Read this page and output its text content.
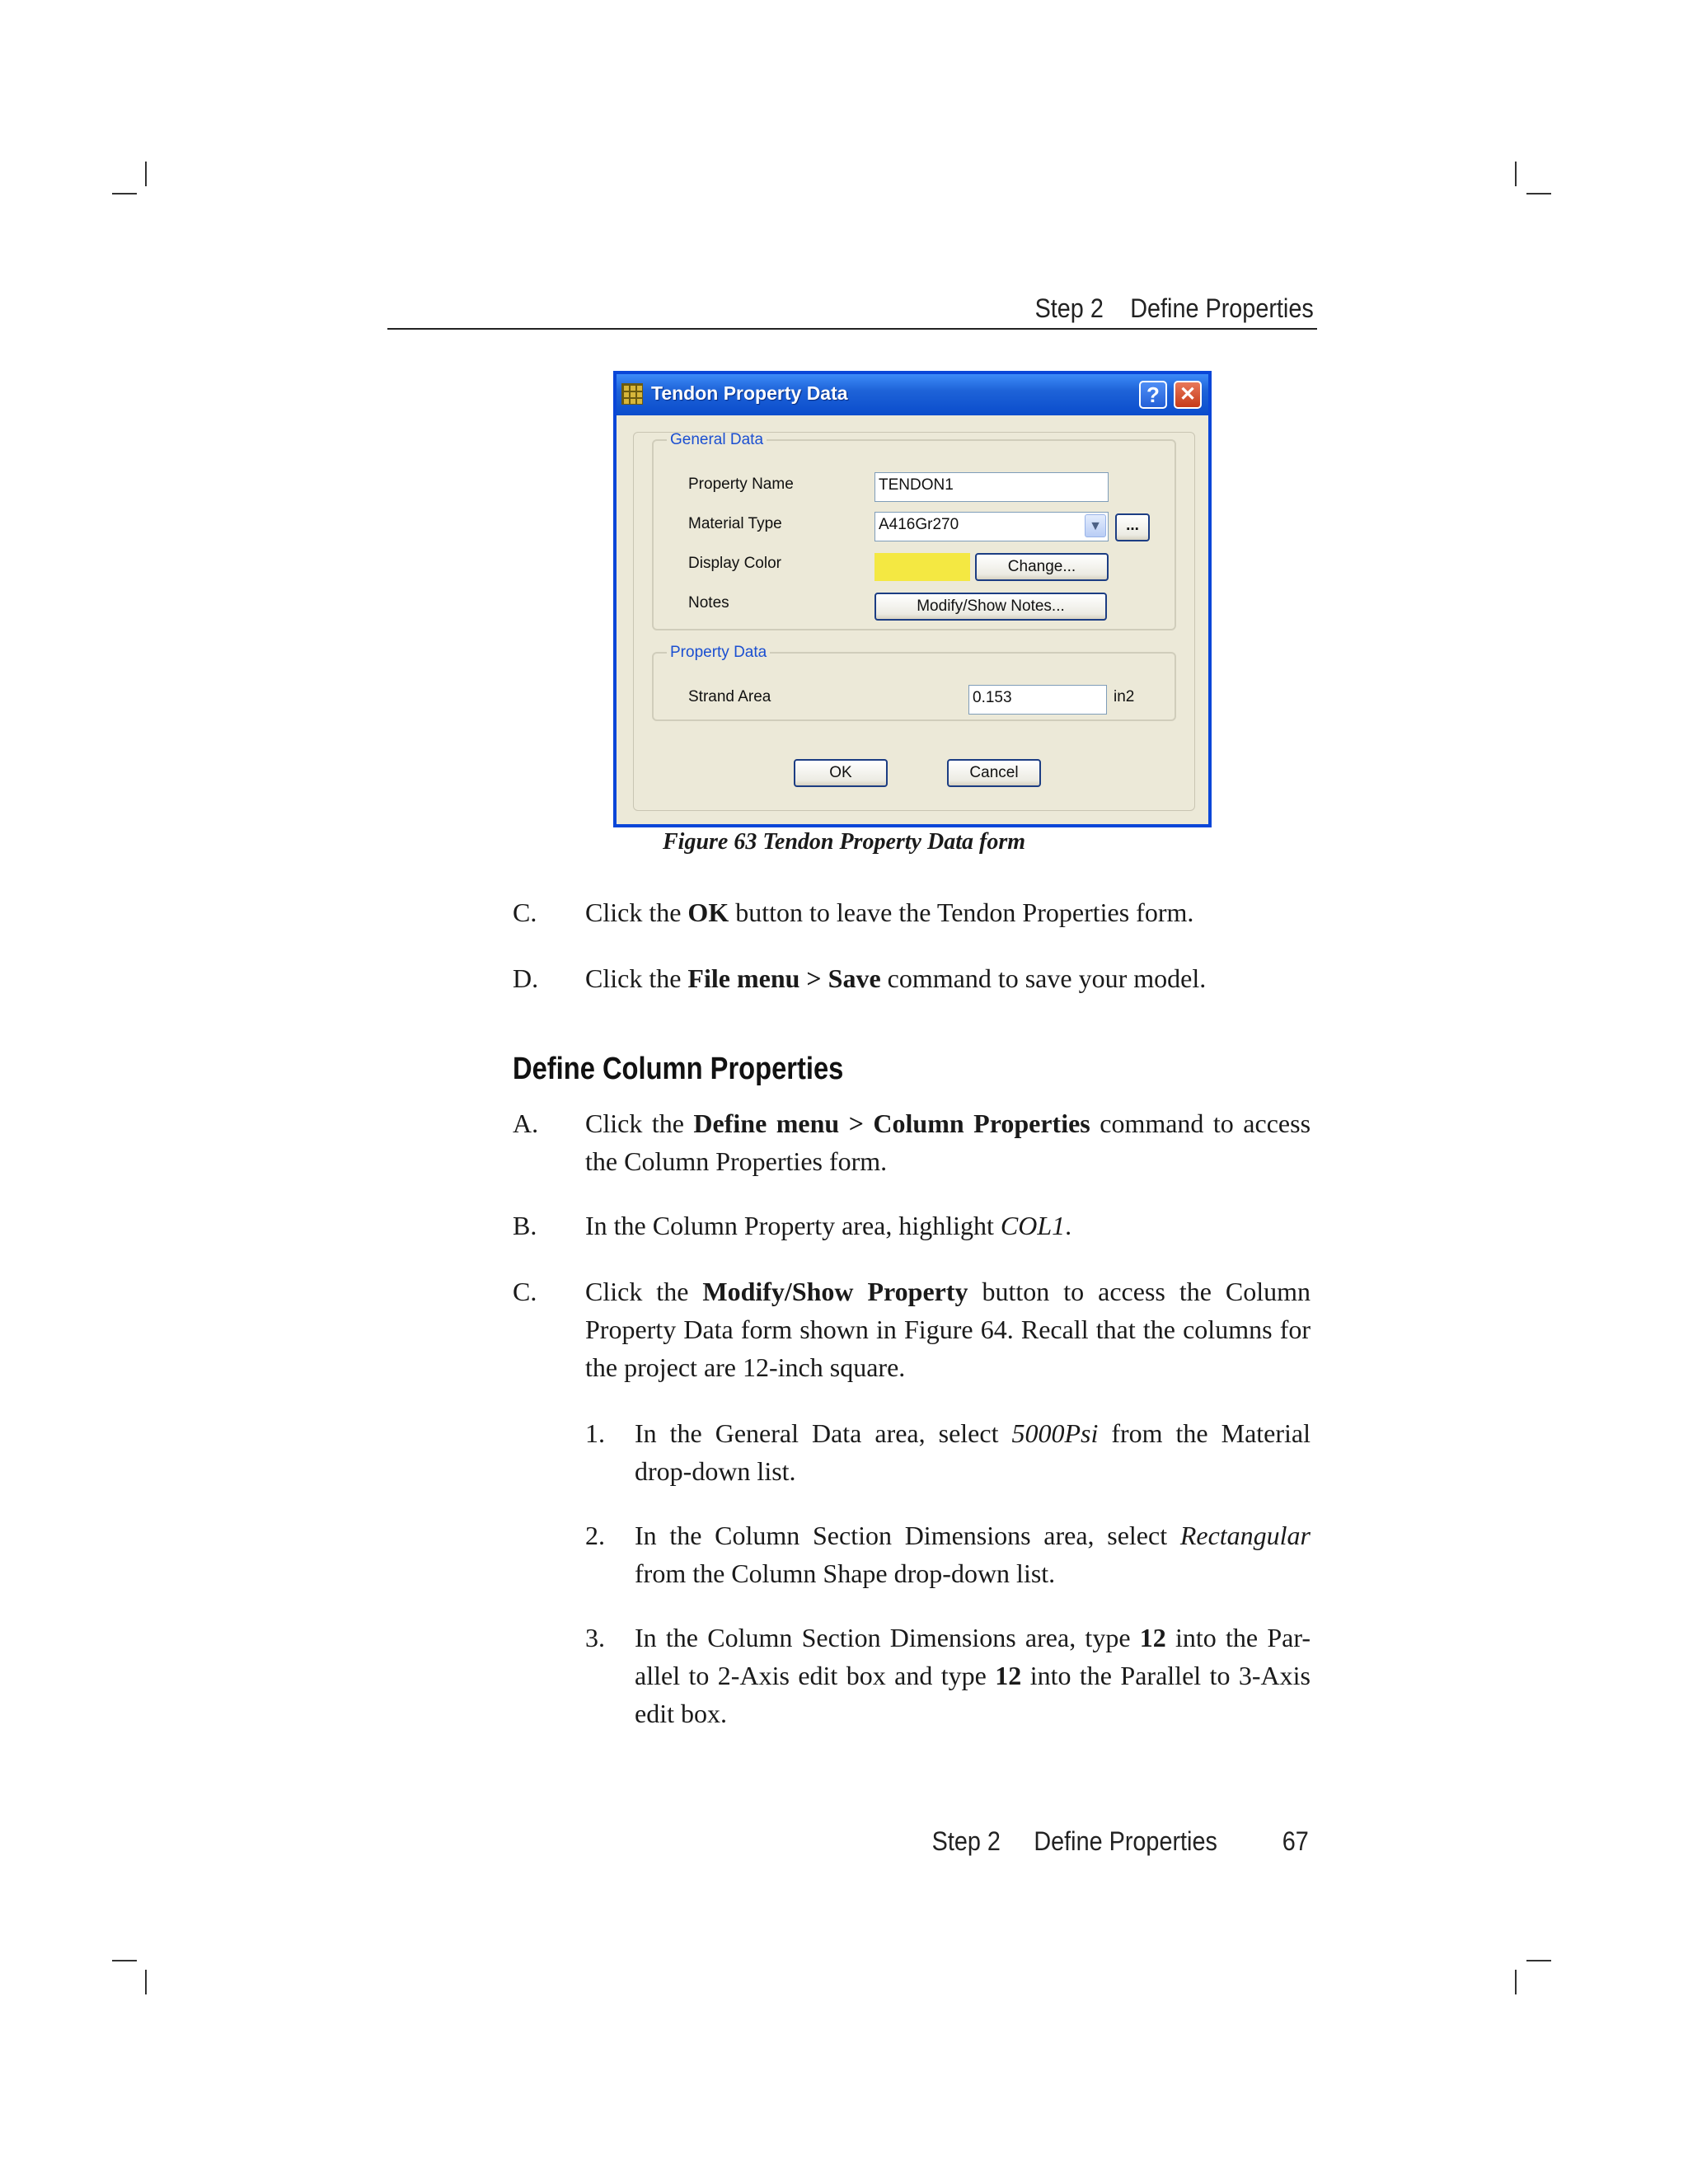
Step 2 Define Properties
Tendon Property Data	?	✕
General Data
Property Name	TENDON1
Material Type	A416Gr270	▼	...
Display Color	Change...
Notes	Modify/Show Notes...
Property Data
Strand Area	0.153	in2
OK	Cancel
Figure 63 Tendon Property Data form
C. Click the OK button to leave the Tendon Properties form.
D. Click the File menu > Save command to save your model.
Define Column Properties
A. Click the Define menu > Column Properties command to access the Column Properties form.
B. In the Column Property area, highlight COL1.
C. Click the Modify/Show Property button to access the Column Property Data form shown in Figure 64. Recall that the columns for the project are 12-inch square.
1. In the General Data area, select 5000Psi from the Material drop-down list.
2. In the Column Section Dimensions area, select Rectangular from the Column Shape drop-down list.
3. In the Column Section Dimensions area, type 12 into the Par-allel to 2-Axis edit box and type 12 into the Parallel to 3-Axis edit box.
Step 2 Define Properties 67
